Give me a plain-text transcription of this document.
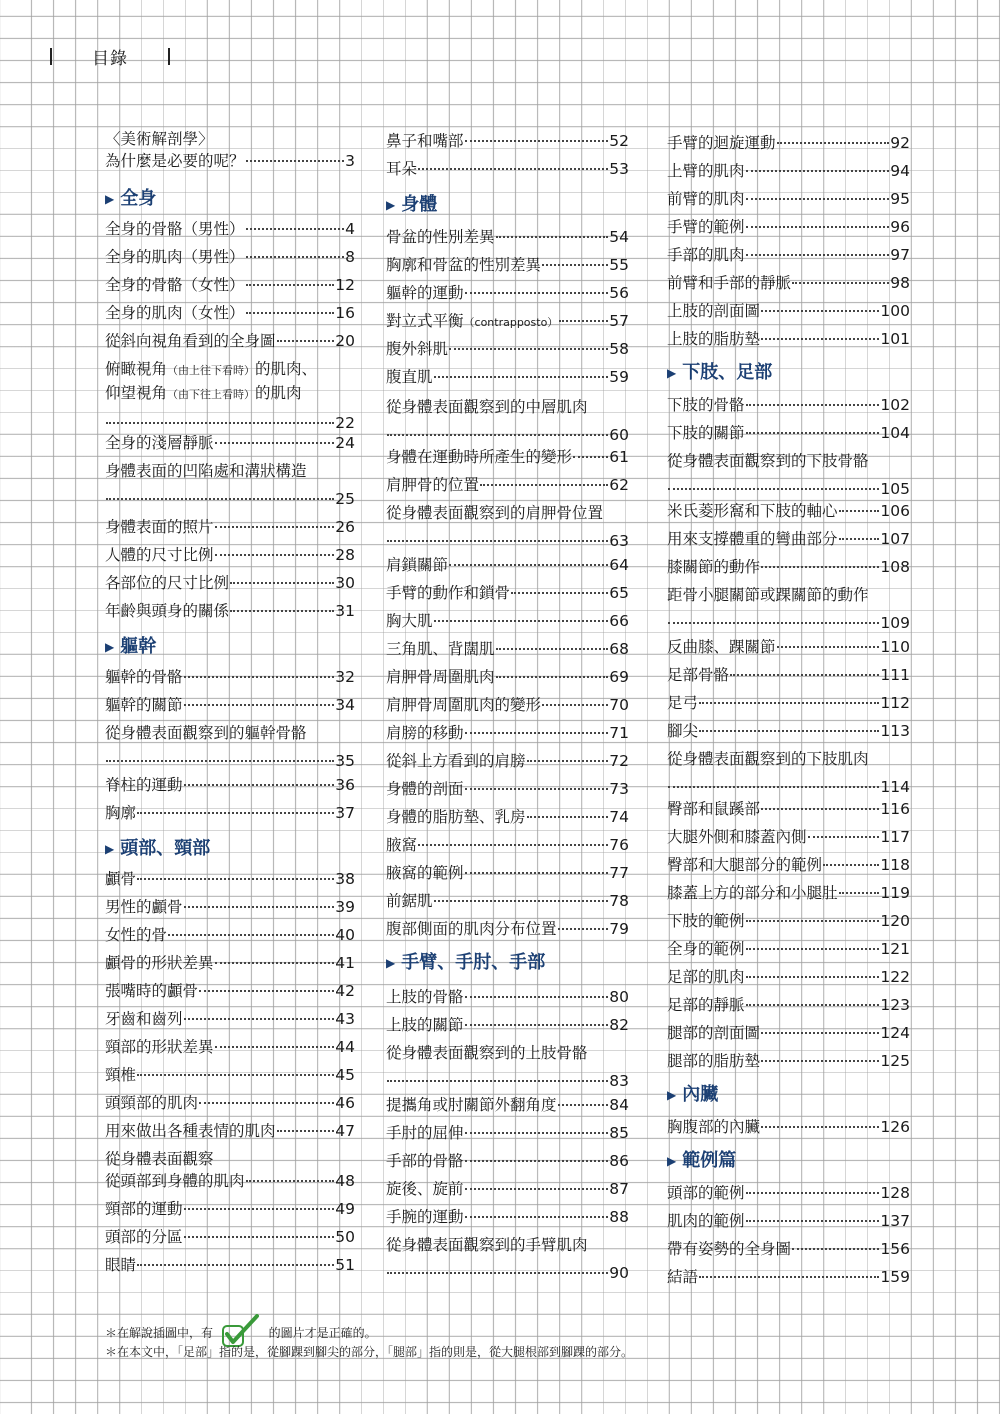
目錄
〈美術解剖學〉
為什麼是必要的呢？	3
▶ 全身
全身的骨骼（男性）	4
全身的肌肉（男性）	8
全身的骨骼（女性）	12
全身的肌肉（女性）	16
從斜向視角看到的全身圖	20
俯瞰視角（由上往下看時）的肌肉、
仰望視角（由下往上看時）的肌肉
22
全身的淺層靜脈	24
身體表面的凹陷處和溝狀構造
25
身體表面的照片	26
人體的尺寸比例	28
各部位的尺寸比例	30
年齡與頭身的關係	31
▶ 軀幹
軀幹的骨骼	32
軀幹的關節	34
從身體表面觀察到的軀幹骨骼
35
脊柱的運動	36
胸廓	37
▶ 頭部、頸部
顱骨	38
男性的顱骨	39
女性的骨	40
顱骨的形狀差異	41
張嘴時的顱骨	42
牙齒和齒列	43
頸部的形狀差異	44
頸椎	45
頭頸部的肌肉	46
用來做出各種表情的肌肉	47
從身體表面觀察
從頭部到身體的肌肉	48
頸部的運動	49
頭部的分區	50
眼睛	51
鼻子和嘴部	52
耳朵	53
▶ 身體
骨盆的性別差異	54
胸廓和骨盆的性別差異	55
軀幹的運動	56
對立式平衡（contrapposto）	57
腹外斜肌	58
腹直肌	59
從身體表面觀察到的中層肌肉
60
身體在運動時所產生的變形 61
肩胛骨的位置	62
從身體表面觀察到的肩胛骨位置
63
肩鎖關節	64
手臂的動作和鎖骨	65
胸大肌	66
三角肌、背闊肌	68
肩胛骨周圍肌肉	69
肩胛骨周圍肌肉的變形	70
肩膀的移動	71
從斜上方看到的肩膀	72
身體的剖面	73
身體的脂肪墊、乳房	74
腋窩	76
腋窩的範例	77
前鋸肌	78
腹部側面的肌肉分布位置	79
▶ 手臂、手肘、手部
上肢的骨骼	80
上肢的關節	82
從身體表面觀察到的上肢骨骼
83
提攜角或肘關節外翻角度	84
手肘的屈伸	85
手部的骨骼	86
旋後、旋前	87
手腕的運動	88
從身體表面觀察到的手臂肌肉
90
手臂的迴旋運動	92
上臂的肌肉	94
前臂的肌肉	95
手臂的範例	96
手部的肌肉	97
前臂和手部的靜脈	98
上肢的剖面圖	100
上肢的脂肪墊	101
▶ 下肢、足部
下肢的骨骼	102
下肢的關節	104
從身體表面觀察到的下肢骨骼
105
米氏菱形窩和下肢的軸心	106
用來支撐體重的彎曲部分	107
膝關節的動作	108
距骨小腿關節或踝關節的動作
109
反曲膝、踝關節	110
足部骨骼	111
足弓	112
腳尖	113
從身體表面觀察到的下肢肌肉
114
臀部和鼠蹊部	116
大腿外側和膝蓋內側	117
臀部和大腿部分的範例	118
膝蓋上方的部分和小腿肚	119
下肢的範例	120
全身的範例	121
足部的肌肉	122
足部的靜脈	123
腿部的剖面圖	124
腿部的脂肪墊	125
▶ 內臟
胸腹部的內臟	126
▶ 範例篇
頭部的範例	128
肌肉的範例	137
帶有姿勢的全身圖	156
結語	159
＊在解說插圖中，有	的圖片才是正確的。
＊在本文中，「足部」指的是，從腳踝到腳尖的部分，「腿部」指的則是，從大腿根部到腳踝的部分。
